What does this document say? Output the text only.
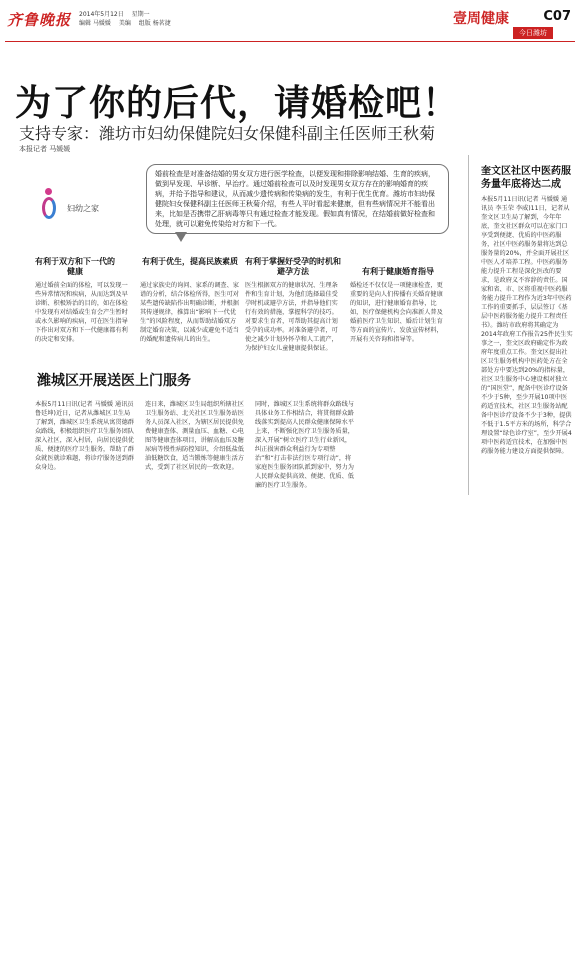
齐鲁晚报 2014年5月12日 星期一
编辑 马媛媛 美编 组版 杨茗捷	壹周健康	C07
今日潍坊
为了你的后代，请婚检吧！
支持专家：潍坊市妇幼保健院妇女保健科副主任医师王秋菊
本报记者 马媛媛
妇幼之家
婚前检查是对准备结婚的男女双方进行医学检查，以便发现和排除影响结婚、生育的疾病，做到早发现、早诊断、早治疗。通过婚前检查可以及时发现男女双方存在的影响婚育的疾病，并给予指导和建议，从而减少遗传病和传染病的发生，有利于优生优育。潍坊市妇幼保健院妇女保健科副主任医师王秋菊介绍，有些人平时看起来健康，但有些病情况并不能看出来，比如是否携带乙肝病毒等只有通过检查才能发现。假如真有情况，在结婚前做好检查和处理，就可以避免传染给对方和下一代。
有利于双方和下一代的健康
通过婚前全面的体检，可以发现一些异常情况和疾病，从而达到及早诊断、积极矫治的目的，如在体检中发现有对结婚或生育会产生暂时或永久影响的疾病，可在医生指导下作出对双方和下一代健康都有利的决定和安排。
有利于优生，提高民族素质
通过家族史的询问、家系的调查、家谱的分析，结合体检所得，医生可对某些遗传缺陷作出明确诊断，并根据其传递规律，推算出“影响下一代优生”的风险程度，从而帮助结婚双方制定婚育决策，以减少或避免不适当的婚配和遗传病儿的出生。
有利于掌握好受孕的时机和避孕方法
医生根据双方的健康状况、生理条件和生育计划，为他们选择最佳受孕时机或避孕方法，并指导他们实行有效的措施，掌握科学的技巧。对要求生育者，可帮助其提高计划受孕的成功率。对准备避孕者，可使之减少计划外怀孕和人工流产，为保护妇女儿童健康提供保证。
有利于健康婚育指导
婚检还不仅仅是一项健康检查，更重要的是向人们传播有关婚育健康的知识，进行健康婚育指导，比如，医疗保健机构会向准新人普及婚前医疗卫生知识、婚后计划生育等方面的宣传片、发放宣传材料，开展有关咨询和指导等。
潍城区开展送医上门服务
本报5月11日讯(记者 马媛媛 通讯员 鲁廷坤)近日，记者从潍城区卫生局了解到，潍城区卫生系统从寓贯德群众路线，积极组织医疗卫生服务团队深入社区，深入村居，向居民提供优质、便捷的医疗卫生服务，帮助了群众就医就诊难题，将诊疗服务送到群众身边。
连日来，潍城区卫生局组织所辖社区卫生服务站、北关社区卫生服务站医务人员深入社区，为辖区居民提供免费健康查体、测量血压、血糖、心电图等健康查体项目，讲解高血压及糖尿病等慢性病防控知识，介绍低盐低油低糖饮食，适当锻炼等健康生活方式，受到了社区居民的一致欢迎。
同时，潍城区卫生系统将群众路线与具体业务工作相结合，将贯彻群众路线落实到提高人民群众健康保障水平上来，不断强化医疗卫生服务质量，深入开展“树立医疗卫生行业新风，纠正损害群众利益行为专项整治”和“打击非法行医专项行动”，将家庭医生服务团队派到家中，努力为人民群众提供高效、便捷、优质、低廉的医疗卫生服务。
奎文区社区中医药服务量年底将达二成
本报5月11日讯(记者 马媛媛 通讯员 李玉荣 李威)11日，记者从奎文区卫生局了解到，今年年底，奎文社区群众可以在家门口享受到便捷、优质的中医药服务，社区中医药服务量将达到总服务量的20%，并全面开展社区中医人才培养工程。中医药服务能力提升工程是深化医改的要求，是政府义不容辞的责任。国家和省、市、区将重视中医药服务能力提升工程作为近3年中医药工作的重要抓手，层层签订《基层中医药服务能力提升工程责任书》。潍坊市政府将其确定为2014年政府工作报告25件民生实事之一，奎文区政府确定作为政府年度重点工作。奎文区提出社区卫生服务机构中医药处方在全部处方中要达到20%的指标量，社区卫生服务中心建设相对独立的“国医堂”，配备中医诊疗设备不少于5种，至少开展10项中医药适宜技术，社区卫生服务站配备中医诊疗设备不少于3种，提供不低于1.5平方米的场所，科学合理设置“绿色诊疗室”，至少开展4项中医药适宜技术，在加强中医药服务能力建设方面提供保障。
